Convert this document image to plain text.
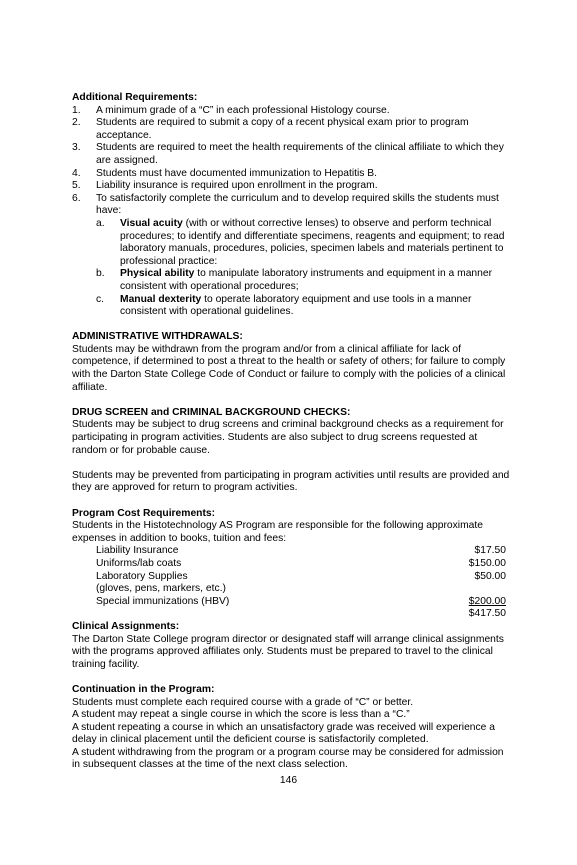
Additional Requirements:

1. A minimum grade of a “C” in each professional Histology course.
2. Students are required to submit a copy of a recent physical exam prior to program acceptance.
3. Students are required to meet the health requirements of the clinical affiliate to which they are assigned.
4. Students must have documented immunization to Hepatitis B.
5. Liability insurance is required upon enrollment in the program.
6. To satisfactorily complete the curriculum and to develop required skills the students must have:
a. Visual acuity (with or without corrective lenses) to observe and perform technical procedures; to identify and differentiate specimens, reagents and equipment; to read laboratory manuals, procedures, policies, specimen labels and materials pertinent to professional practice:
b. Physical ability to manipulate laboratory instruments and equipment in a manner consistent with operational procedures;
c. Manual dexterity to operate laboratory equipment and use tools in a manner consistent with operational guidelines.

ADMINISTRATIVE WITHDRAWALS:

Students may be withdrawn from the program and/or from a clinical affiliate for lack of competence, if determined to post a threat to the health or safety of others; for failure to comply with the Darton State College Code of Conduct or failure to comply with the policies of a clinical affiliate.

DRUG SCREEN and CRIMINAL BACKGROUND CHECKS:

Students may be subject to drug screens and criminal background checks as a requirement for participating in program activities. Students are also subject to drug screens requested at random or for probable cause.

Students may be prevented from participating in program activities until results are provided and they are approved for return to program activities.

Program Cost Requirements:

Students in the Histotechnology AS Program are responsible for the following approximate expenses in addition to books, tuition and fees:

Liability Insurance	$17.50
Uniforms/lab coats	$150.00
Laboratory Supplies	$50.00
(gloves, pens, markers, etc.)
Special immunizations (HBV)	$200.00
$417.50

Clinical Assignments:

The Darton State College program director or designated staff will arrange clinical assignments with the programs approved affiliates only. Students must be prepared to travel to the clinical training facility.

Continuation in the Program:

Students must complete each required course with a grade of “C” or better.

A student may repeat a single course in which the score is less than a “C.”

A student repeating a course in which an unsatisfactory grade was received will experience a delay in clinical placement until the deficient course is satisfactorily completed.

A student withdrawing from the program or a program course may be considered for admission in subsequent classes at the time of the next class selection.

146
